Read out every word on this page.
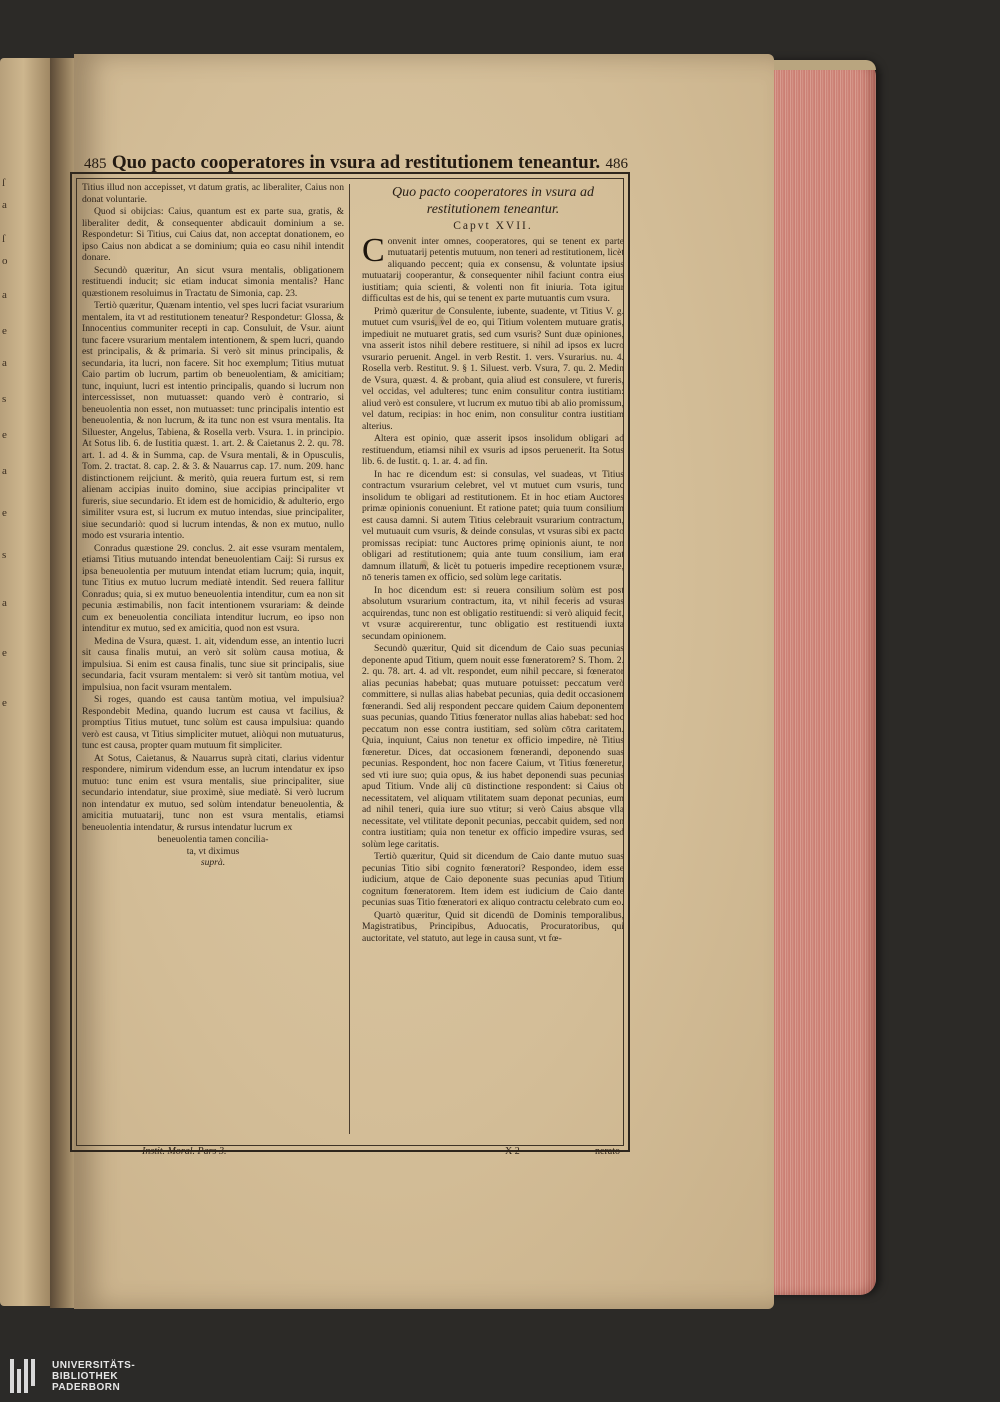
ſ
a
ſ
o
a
e
a
s
e
a
e
s
a
e
e
485 Quo pacto cooperatores in vsura ad restitutionem teneantur. 486

Titius illud non accepisset, vt datum gratis, ac liberaliter, Caius non donat voluntarie.

Quod si obijcias: Caius, quantum est ex parte sua, gratis, & liberaliter dedit, & consequenter abdicauit dominium a se. Respondetur: Si Titius, cui Caius dat, non acceptat donationem, eo ipso Caius non abdicat a se dominium; quia eo casu nihil intendit donare.

Secundò quæritur, An sicut vsura mentalis, obligationem restituendi inducit; sic etiam inducat simonia mentalis? Hanc quæstionem resoluimus in Tractatu de Simonia, cap. 23.

Tertiò quæritur, Quænam intentio, vel spes lucri faciat vsurarium mentalem, ita vt ad restitutionem teneatur? Respondetur: Glossa, & Innocentius communiter recepti in cap. Consuluit, de Vsur. aiunt tunc facere vsurarium mentalem intentionem, & spem lucri, quando est principalis, & & primaria. Si verò sit minus principalis, & secundaria, ita lucri, non facere. Sit hoc exemplum; Titius mutuat Caio partim ob lucrum, partim ob beneuolentiam, & amicitiam; tunc, inquiunt, lucri est intentio principalis, quando si lucrum non intercessisset, non mutuasset: quando verò è contrario, si beneuolentia non esset, non mutuasset: tunc principalis intentio est beneuolentia, & non lucrum, & ita tunc non est vsura mentalis. Ita Siluester, Angelus, Tabiena, & Rosella verb. Vsura. 1. in principio. At Sotus lib. 6. de Iustitia quæst. 1. art. 2. & Caietanus 2. 2. qu. 78. art. 1. ad 4. & in Summa, cap. de Vsura mentali, & in Opusculis, Tom. 2. tractat. 8. cap. 2. & 3. & Nauarrus cap. 17. num. 209. hanc distinctionem reijciunt. & meritò, quia reuera furtum est, si rem alienam accipias inuito domino, siue accipias principaliter vt fureris, siue secundario. Et idem est de homicidio, & adulterio, ergo similiter vsura est, si lucrum ex mutuo intendas, siue principaliter, siue secundariò: quod si lucrum intendas, & non ex mutuo, nullo modo est vsuraria intentio.

Conradus quæstione 29. conclus. 2. ait esse vsuram mentalem, etiamsi Titius mutuando intendat beneuolentiam Caij: Si rursus ex ipsa beneuolentia per mutuum intendat etiam lucrum; quia, inquit, tunc Titius ex mutuo lucrum mediatè intendit. Sed reuera fallitur Conradus; quia, si ex mutuo beneuolentia intenditur, cum ea non sit pecunia æstimabilis, non facit intentionem vsurariam: & deinde cum ex beneuolentia conciliata intenditur lucrum, eo ipso non intenditur ex mutuo, sed ex amicitia, quod non est vsura.

Medina de Vsura, quæst. 1. ait, videndum esse, an intentio lucri sit causa finalis mutui, an verò sit solùm causa motiua, & impulsiua. Si enim est causa finalis, tunc siue sit principalis, siue secundaria, facit vsuram mentalem: si verò sit tantùm motiua, vel impulsiua, non facit vsuram mentalem.

Si roges, quando est causa tantùm motiua, vel impulsiua? Respondebit Medina, quando lucrum est causa vt facilius, & promptius Titius mutuet, tunc solùm est causa impulsiua: quando verò est causa, vt Titius simpliciter mutuet, aliòqui non mutuaturus, tunc est causa, propter quam mutuum fit simpliciter.

At Sotus, Caietanus, & Nauarrus suprà citati, clarius videntur respondere, nimirum videndum esse, an lucrum intendatur ex ipso mutuo: tunc enim est vsura mentalis, siue principaliter, siue secundario intendatur, siue proximè, siue mediatè. Si verò lucrum non intendatur ex mutuo, sed solùm intendatur beneuolentia, & amicitia mutuatarij, tunc non est vsura mentalis, etiamsi beneuolentia intendatur, & rursus intendatur lucrum ex

beneuolentia tamen concilia-
ta, vt diximus
suprà.
Quo pacto cooperatores in vsura ad restitutionem teneantur.
Capvt XVII.

Convenit inter omnes, cooperatores, qui se tenent ex parte mutuatarij petentis mutuum, non teneri ad restitutionem, licèt aliquando peccent; quia ex consensu, & voluntate ipsius mutuatarij cooperantur, & consequenter nihil faciunt contra eius iustitiam; quia scienti, & volenti non fit iniuria. Tota igitur difficultas est de his, qui se tenent ex parte mutuantis cum vsura.

Primò quæritur de Consulente, iubente, suadente, vt Titius V. g. mutuet cum vsuris, vel de eo, qui Titium volentem mutuare gratis, impediuit ne mutuaret gratis, sed cum vsuris? Sunt duæ opiniones, vna asserit istos nihil debere restituere, si nihil ad ipsos ex lucro vsurario peruenit. Angel. in verb Restit. 1. vers. Vsurarius. nu. 4. Rosella verb. Restitut. 9. § 1. Siluest. verb. Vsura, 7. qu. 2. Medin de Vsura, quæst. 4. & probant, quia aliud est consulere, vt fureris, vel occidas, vel adulteres; tunc enim consulitur contra iustitiam: aliud verò est consulere, vt lucrum ex mutuo tibi ab alio promissum, vel datum, recipias: in hoc enim, non consulitur contra iustitiam alterius.

Altera est opinio, quæ asserit ipsos insolidum obligari ad restituendum, etiamsi nihil ex vsuris ad ipsos peruenerit. Ita Sotus lib. 6. de Iustit. q. 1. ar. 4. ad fin.

In hac re dicendum est: si consulas, vel suadeas, vt Titius contractum vsurarium celebret, vel vt mutuet cum vsuris, tunc insolidum te obligari ad restitutionem. Et in hoc etiam Auctores primæ opinionis conueniunt. Et ratione patet; quia tuum consilium est causa damni. Si autem Titius celebrauit vsurarium contractum, vel mutuauit cum vsuris, & deinde consulas, vt vsuras sibi ex pacto promissas recipiat: tunc Auctores primę opinionis aiunt, te non obligari ad restitutionem; quia ante tuum consilium, iam erat damnum illatum, & licèt tu potueris impedire receptionem vsuræ, nō teneris tamen ex officio, sed solùm lege caritatis.

In hoc dicendum est: si reuera consilium solùm est post absolutum vsurarium contractum, ita, vt nihil feceris ad vsuras acquirendas, tunc non est obligatio restituendi: si verò aliquid fecit, vt vsuræ acquirerentur, tunc obligatio est restituendi iuxta secundam opinionem.

Secundò quæritur, Quid sit dicendum de Caio suas pecunias deponente apud Titium, quem nouit esse fœneratorem? S. Thom. 2. 2. qu. 78. art. 4. ad vlt. respondet, eum nihil peccare, si fœnerator alias pecunias habebat; quas mutuare potuisset: peccatum verò committere, si nullas alias habebat pecunias, quia dedit occasionem fœnerandi. Sed alij respondent peccare quidem Caium deponentem suas pecunias, quando Titius fœnerator nullas alias habebat: sed hoc peccatum non esse contra iustitiam, sed solùm cōtra caritatem. Quia, inquiunt, Caius non tenetur ex officio impedire, nè Titius fœneretur. Dices, dat occasionem fœnerandi, deponendo suas pecunias. Respondent, hoc non facere Caium, vt Titius fœneretur, sed vti iure suo; quia opus, & ius habet deponendi suas pecunias apud Titium. Vnde alij cū distinctione respondent: si Caius ob necessitatem, vel aliquam vtilitatem suam deponat pecunias, eum ad nihil teneri, quia iure suo vtitur; si verò Caius absque vlla necessitate, vel vtilitate deponit pecunias, peccabit quidem, sed non contra iustitiam; quia non tenetur ex officio impedire vsuras, sed solùm lege caritatis.

Tertiò quæritur, Quid sit dicendum de Caio dante mutuo suas pecunias Titio sibi cognito fœneratori? Respondeo, idem esse iudicium, atque de Caio deponente suas pecunias apud Titium cognitum fœneratorem. Item idem est iudicium de Caio dante pecunias suas Titio fœneratori ex aliquo contractu celebrato cum eo.

Quartò quæritur, Quid sit dicendū de Dominis temporalibus, Magistratibus, Principibus, Aduocatis, Procuratoribus, qui auctoritate, vel statuto, aut lege in causa sunt, vt fœ-

Instit. Moral. Pars 3.	X 2	nerato-
UNIVERSITÄTS-
BIBLIOTHEK
PADERBORN
